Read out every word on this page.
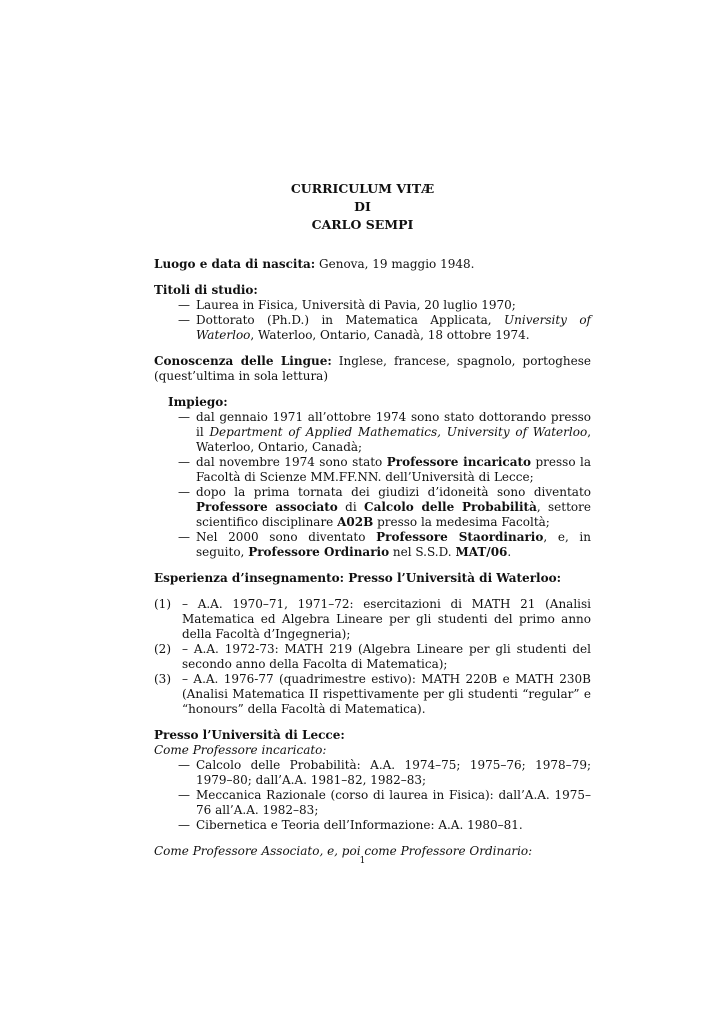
CURRICULUM VITÆ
DI
CARLO SEMPI

Luogo e data di nascita: Genova, 19 maggio 1948.

Titoli di studio:

— Laurea in Fisica, Università di Pavia, 20 luglio 1970;
— Dottorato (Ph.D.) in Matematica Applicata, University of Waterloo, Waterloo, Ontario, Canadà, 18 ottobre 1974.

Conoscenza delle Lingue: Inglese, francese, spagnolo, portoghese (quest’ultima in sola lettura)

Impiego:

— dal gennaio 1971 all’ottobre 1974 sono stato dottorando presso il Department of Applied Mathematics, University of Waterloo, Waterloo, Ontario, Canadà;
— dal novembre 1974 sono stato Professore incaricato presso la Facoltà di Scienze MM.FF.NN. dell’Università di Lecce;
— dopo la prima tornata dei giudizi d’idoneità sono diventato Professore associato di Calcolo delle Probabilità, settore scientifico disciplinare A02B presso la medesima Facoltà;
— Nel 2000 sono diventato Professore Staordinario, e, in seguito, Professore Ordinario nel S.S.D. MAT/06.

Esperienza d’insegnamento: Presso l’Università di Waterloo:

(1) – A.A. 1970–71, 1971–72: esercitazioni di MATH 21 (Analisi Matematica ed Algebra Lineare per gli studenti del primo anno della Facoltà d’Ingegneria);
(2) – A.A. 1972-73: MATH 219 (Algebra Lineare per gli studenti del secondo anno della Facolta di Matematica);
(3) – A.A. 1976-77 (quadrimestre estivo): MATH 220B e MATH 230B (Analisi Matematica II rispettivamente per gli studenti “regular” e “honours” della Facoltà di Matematica).

Presso l’Università di Lecce:

Come Professore incaricato:

— Calcolo delle Probabilità: A.A. 1974–75; 1975–76; 1978–79; 1979–80; dall’A.A. 1981–82, 1982–83;
— Meccanica Razionale (corso di laurea in Fisica): dall’A.A. 1975–76 all’A.A. 1982–83;
— Cibernetica e Teoria dell’Informazione: A.A. 1980–81.

Come Professore Associato, e, poi come Professore Ordinario:

1
